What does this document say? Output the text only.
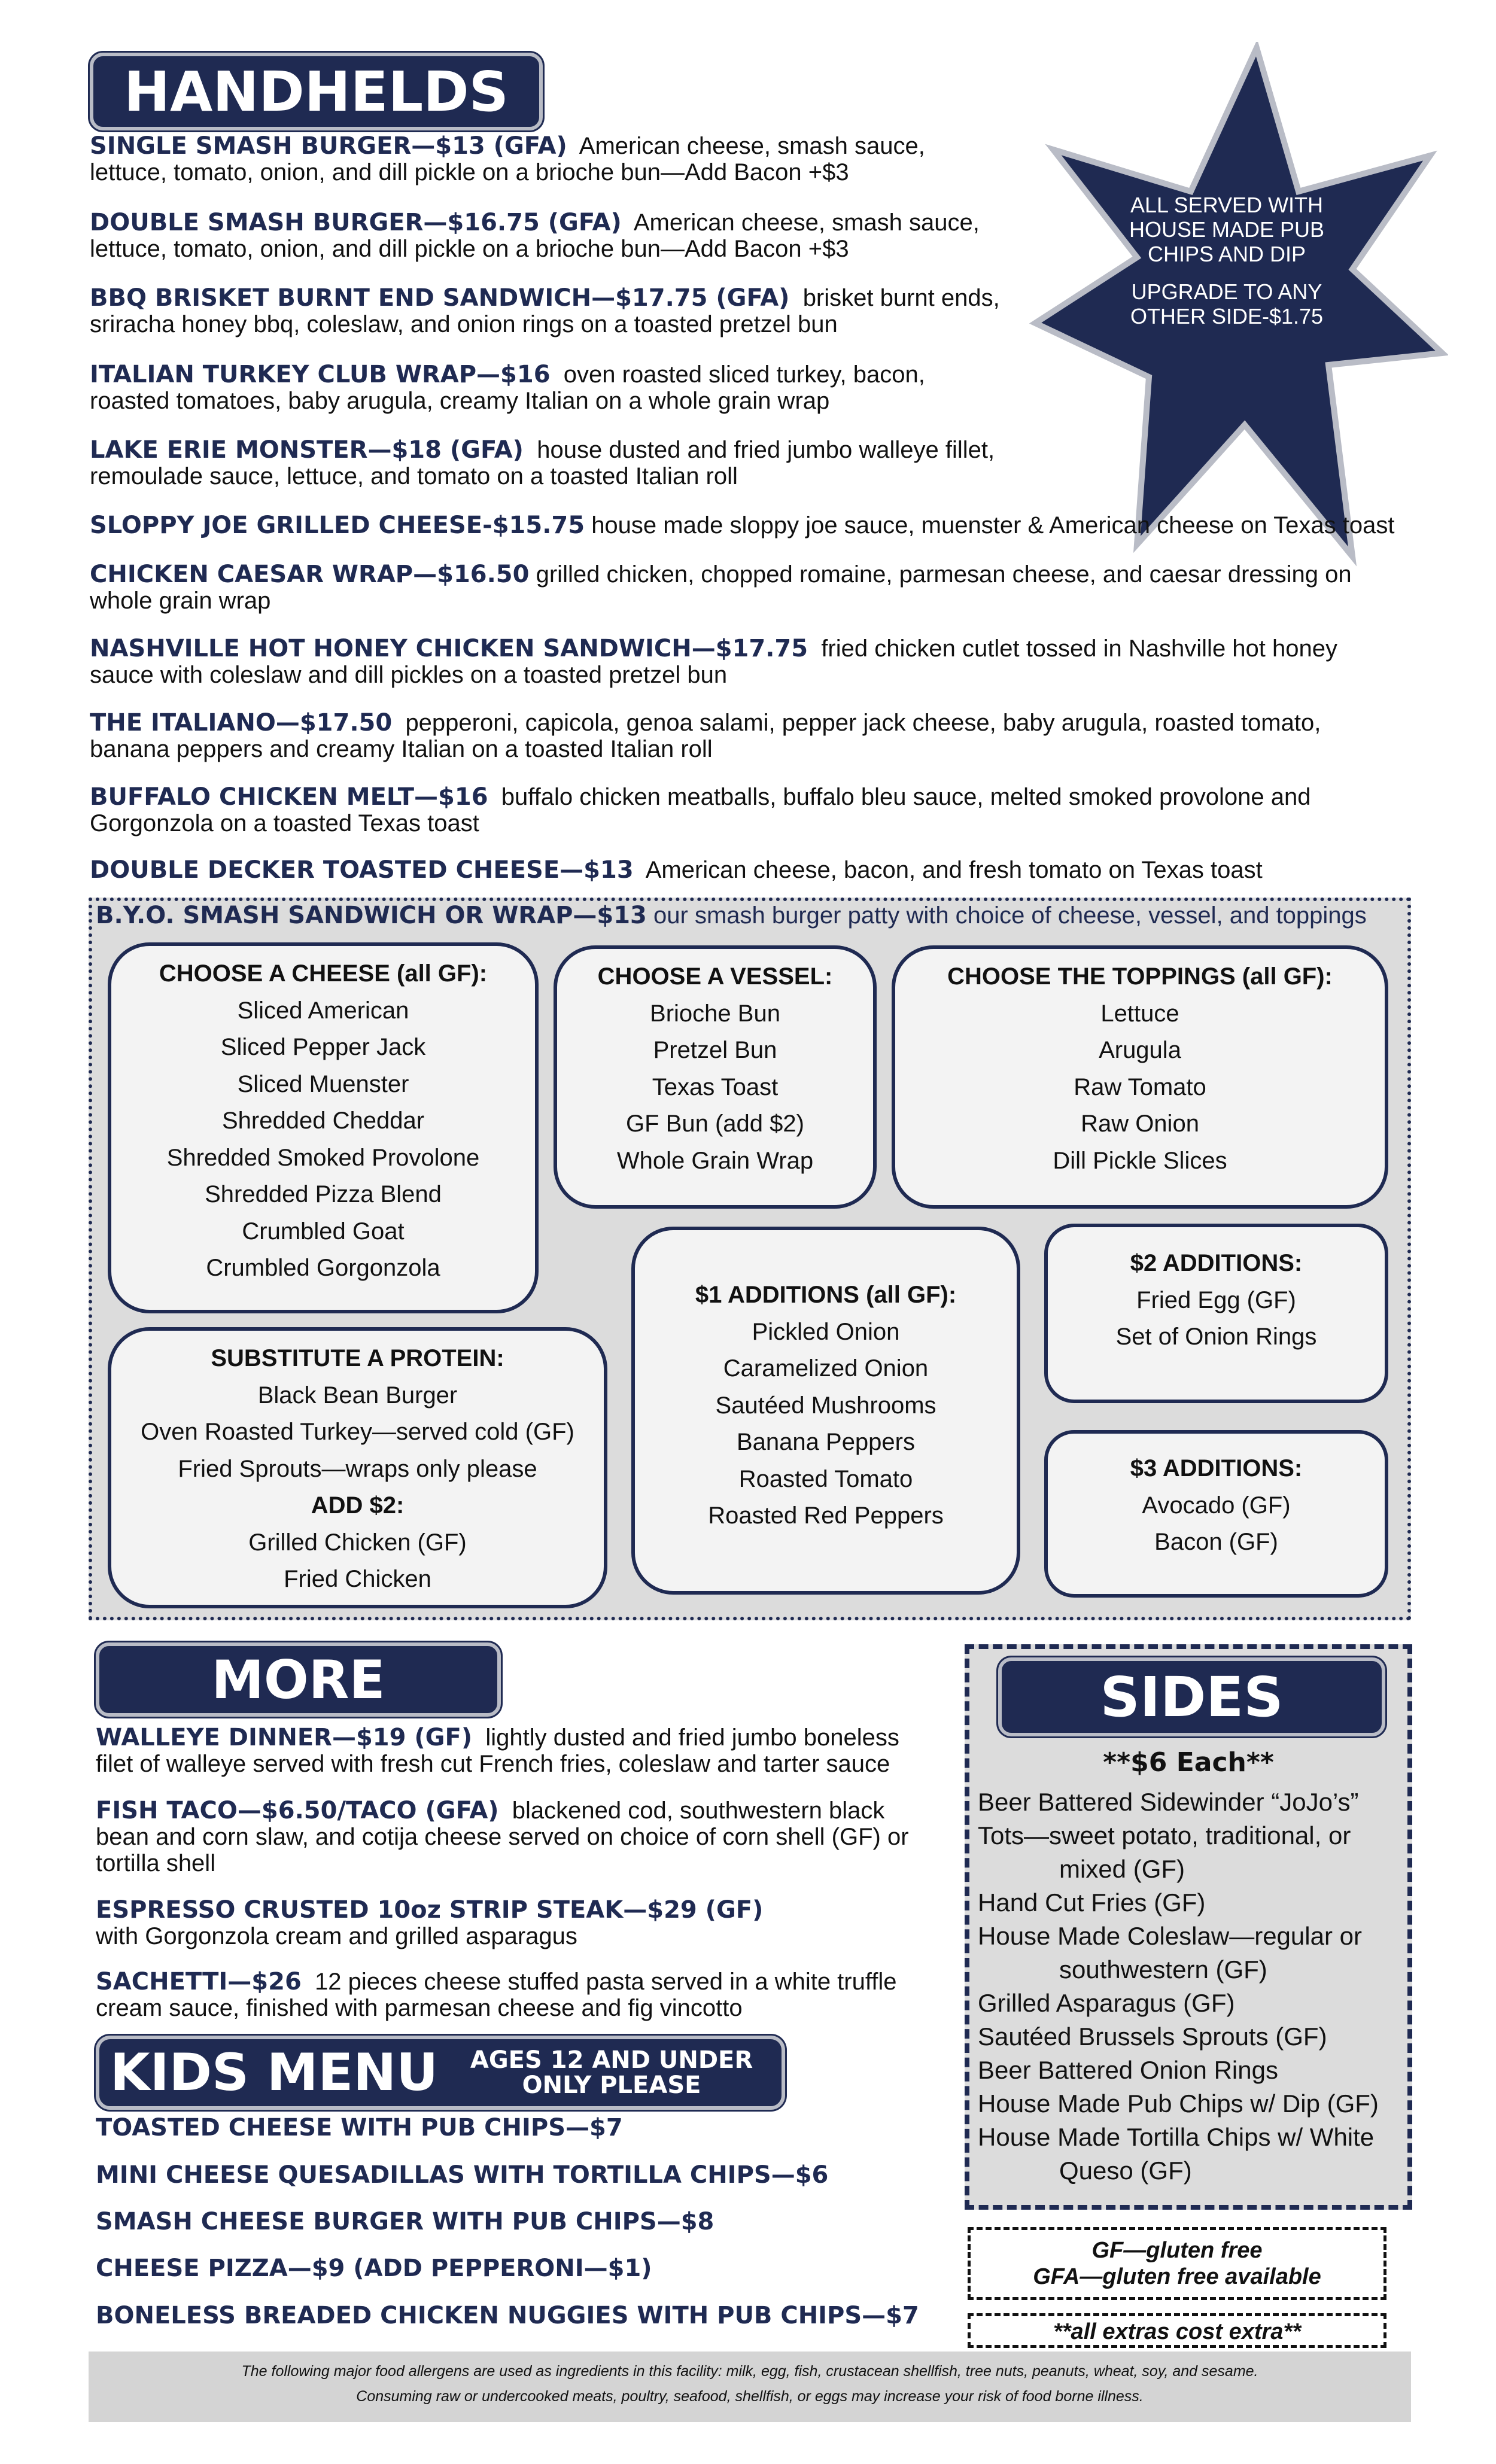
HANDHELDS
ALL SERVED WITH
HOUSE MADE PUB
CHIPS AND DIP
UPGRADE TO ANY
OTHER SIDE-$1.75
SINGLE SMASH BURGER—$13 (GFA) American cheese, smash sauce,
lettuce, tomato, onion, and dill pickle on a brioche bun—Add Bacon +$3
DOUBLE SMASH BURGER—$16.75 (GFA) American cheese, smash sauce,
lettuce, tomato, onion, and dill pickle on a brioche bun—Add Bacon +$3
BBQ BRISKET BURNT END SANDWICH—$17.75 (GFA) brisket burnt ends,
sriracha honey bbq, coleslaw, and onion rings on a toasted pretzel bun
ITALIAN TURKEY CLUB WRAP—$16 oven roasted sliced turkey, bacon,
roasted tomatoes, baby arugula, creamy Italian on a whole grain wrap
LAKE ERIE MONSTER—$18 (GFA) house dusted and fried jumbo walleye fillet,
remoulade sauce, lettuce, and tomato on a toasted Italian roll
SLOPPY JOE GRILLED CHEESE-$15.75 house made sloppy joe sauce, muenster & American cheese on Texas toast
CHICKEN CAESAR WRAP—$16.50 grilled chicken, chopped romaine, parmesan cheese, and caesar dressing on
whole grain wrap
NASHVILLE HOT HONEY CHICKEN SANDWICH—$17.75 fried chicken cutlet tossed in Nashville hot honey
sauce with coleslaw and dill pickles on a toasted pretzel bun
THE ITALIANO—$17.50 pepperoni, capicola, genoa salami, pepper jack cheese, baby arugula, roasted tomato,
banana peppers and creamy Italian on a toasted Italian roll
BUFFALO CHICKEN MELT—$16 buffalo chicken meatballs, buffalo bleu sauce, melted smoked provolone and
Gorgonzola on a toasted Texas toast
DOUBLE DECKER TOASTED CHEESE—$13 American cheese, bacon, and fresh tomato on Texas toast
B.Y.O. SMASH SANDWICH OR WRAP—$13 our smash burger patty with choice of cheese, vessel, and toppings
CHOOSE A CHEESE (all GF):
Sliced American
Sliced Pepper Jack
Sliced Muenster
Shredded Cheddar
Shredded Smoked Provolone
Shredded Pizza Blend
Crumbled Goat
Crumbled Gorgonzola
CHOOSE A VESSEL:
Brioche Bun
Pretzel Bun
Texas Toast
GF Bun (add $2)
Whole Grain Wrap
CHOOSE THE TOPPINGS (all GF):
Lettuce
Arugula
Raw Tomato
Raw Onion
Dill Pickle Slices
SUBSTITUTE A PROTEIN:
Black Bean Burger
Oven Roasted Turkey—served cold (GF)
Fried Sprouts—wraps only please
ADD $2:
Grilled Chicken (GF)
Fried Chicken
$1 ADDITIONS (all GF):
Pickled Onion
Caramelized Onion
Sautéed Mushrooms
Banana Peppers
Roasted Tomato
Roasted Red Peppers
$2 ADDITIONS:
Fried Egg (GF)
Set of Onion Rings
$3 ADDITIONS:
Avocado (GF)
Bacon (GF)
MORE
WALLEYE DINNER—$19 (GF) lightly dusted and fried jumbo boneless
filet of walleye served with fresh cut French fries, coleslaw and tarter sauce
FISH TACO—$6.50/TACO (GFA) blackened cod, southwestern black
bean and corn slaw, and cotija cheese served on choice of corn shell (GF) or
tortilla shell
ESPRESSO CRUSTED 10oz STRIP STEAK—$29 (GF)
with Gorgonzola cream and grilled asparagus
SACHETTI—$26 12 pieces cheese stuffed pasta served in a white truffle
cream sauce, finished with parmesan cheese and fig vincotto
KIDS MENU	AGES 12 AND UNDER ONLY PLEASE
TOASTED CHEESE WITH PUB CHIPS—$7
MINI CHEESE QUESADILLAS WITH TORTILLA CHIPS—$6
SMASH CHEESE BURGER WITH PUB CHIPS—$8
CHEESE PIZZA—$9 (ADD PEPPERONI—$1)
BONELESS BREADED CHICKEN NUGGIES WITH PUB CHIPS—$7
SIDES
**$6 Each**
Beer Battered Sidewinder “JoJo’s”
Tots—sweet potato, traditional, or
mixed (GF)
Hand Cut Fries (GF)
House Made Coleslaw—regular or
southwestern (GF)
Grilled Asparagus (GF)
Sautéed Brussels Sprouts (GF)
Beer Battered Onion Rings
House Made Pub Chips w/ Dip (GF)
House Made Tortilla Chips w/ White
Queso (GF)
GF—gluten free
GFA—gluten free available
**all extras cost extra**
The following major food allergens are used as ingredients in this facility: milk, egg, fish, crustacean shellfish, tree nuts, peanuts, wheat, soy, and sesame.
Consuming raw or undercooked meats, poultry, seafood, shellfish, or eggs may increase your risk of food borne illness.
